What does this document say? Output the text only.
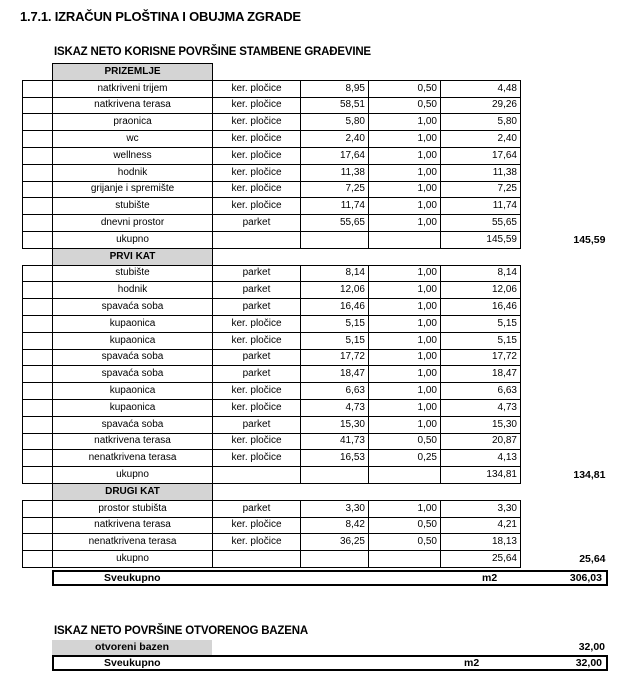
1.7.1. IZRAČUN PLOŠTINA I OBUJMA ZGRADE
ISKAZ NETO KORISNE POVRŠINE STAMBENE GRAĐEVINE
	PRIZEMLJE					
	natkriveni trijem	ker. pločice	8,95	0,50	4,48	
	natkrivena terasa	ker. pločice	58,51	0,50	29,26	
	praonica	ker. pločice	5,80	1,00	5,80	
	wc	ker. pločice	2,40	1,00	2,40	
	wellness	ker. pločice	17,64	1,00	17,64	
	hodnik	ker. pločice	11,38	1,00	11,38	
	grijanje i spremište	ker. pločice	7,25	1,00	7,25	
	stubište	ker. pločice	11,74	1,00	11,74	
	dnevni prostor	parket	55,65	1,00	55,65	
	ukupno				145,59	145,59
	PRVI KAT					
	stubište	parket	8,14	1,00	8,14	
	hodnik	parket	12,06	1,00	12,06	
	spavaća soba	parket	16,46	1,00	16,46	
	kupaonica	ker. pločice	5,15	1,00	5,15	
	kupaonica	ker. pločice	5,15	1,00	5,15	
	spavaća soba	parket	17,72	1,00	17,72	
	spavaća soba	parket	18,47	1,00	18,47	
	kupaonica	ker. pločice	6,63	1,00	6,63	
	kupaonica	ker. pločice	4,73	1,00	4,73	
	spavaća soba	parket	15,30	1,00	15,30	
	natkrivena terasa	ker. pločice	41,73	0,50	20,87	
	nenatkrivena terasa	ker. pločice	16,53	0,25	4,13	
	ukupno				134,81	134,81
	DRUGI KAT					
	prostor stubišta	parket	3,30	1,00	3,30	
	natkrivena terasa	ker. pločice	8,42	0,50	4,21	
	nenatkrivena terasa	ker. pločice	36,25	0,50	18,13	
	ukupno				25,64	25,64
Sveukupno	m2	306,03
ISKAZ NETO POVRŠINE OTVORENOG BAZENA
otvoreni bazen	32,00
Sveukupno	m2	32,00
